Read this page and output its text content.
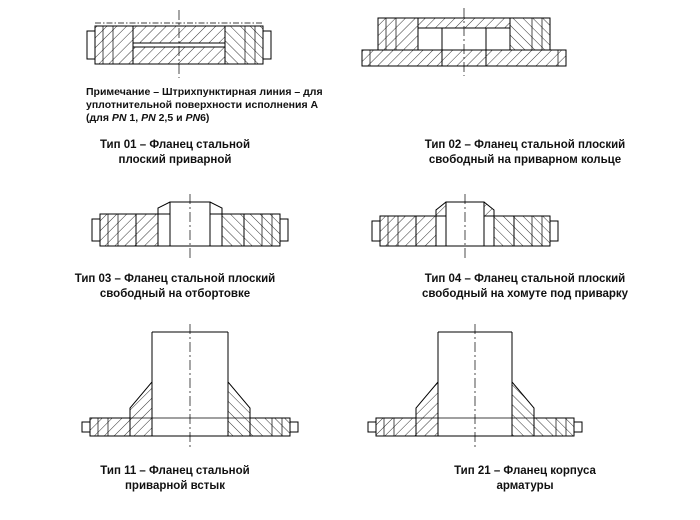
Примечание – Штрихпунктирная линия – для
уплотнительной поверхности исполнения А
(для PN 1, PN 2,5 и PN6)
Тип 01 – Фланец стальной
плоский приварной
Тип 02 – Фланец стальной плоский
свободный на приварном кольце
Тип 03 – Фланец стальной плоский
свободный на отбортовке
Тип 04 – Фланец стальной плоский
свободный на хомуте под приварку
Тип 11 – Фланец стальной
приварной встык
Тип 21 – Фланец корпуса
арматуры
